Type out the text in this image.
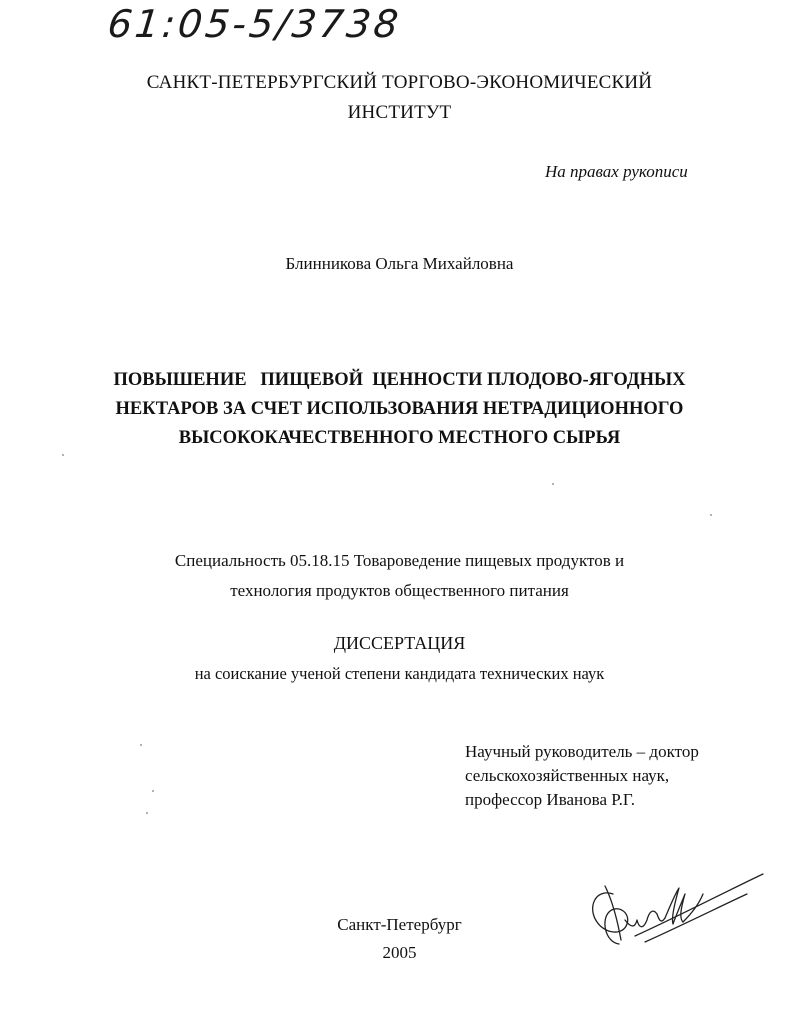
61:05-5/3738
САНКТ-ПЕТЕРБУРГСКИЙ ТОРГОВО-ЭКОНОМИЧЕСКИЙ
ИНСТИТУТ
На правах рукописи
Блинникова Ольга Михайловна
ПОВЫШЕНИЕ   ПИЩЕВОЙ  ЦЕННОСТИ ПЛОДОВО-ЯГОДНЫХ
НЕКТАРОВ ЗА СЧЕТ ИСПОЛЬЗОВАНИЯ НЕТРАДИЦИОННОГО
ВЫСОКОКАЧЕСТВЕННОГО МЕСТНОГО СЫРЬЯ
Специальность 05.18.15 Товароведение пищевых продуктов и
технология продуктов общественного питания
ДИССЕРТАЦИЯ
на соискание ученой степени кандидата технических наук
Научный руководитель – доктор
сельскохозяйственных наук,
профессор Иванова Р.Г.
Санкт-Петербург
2005
